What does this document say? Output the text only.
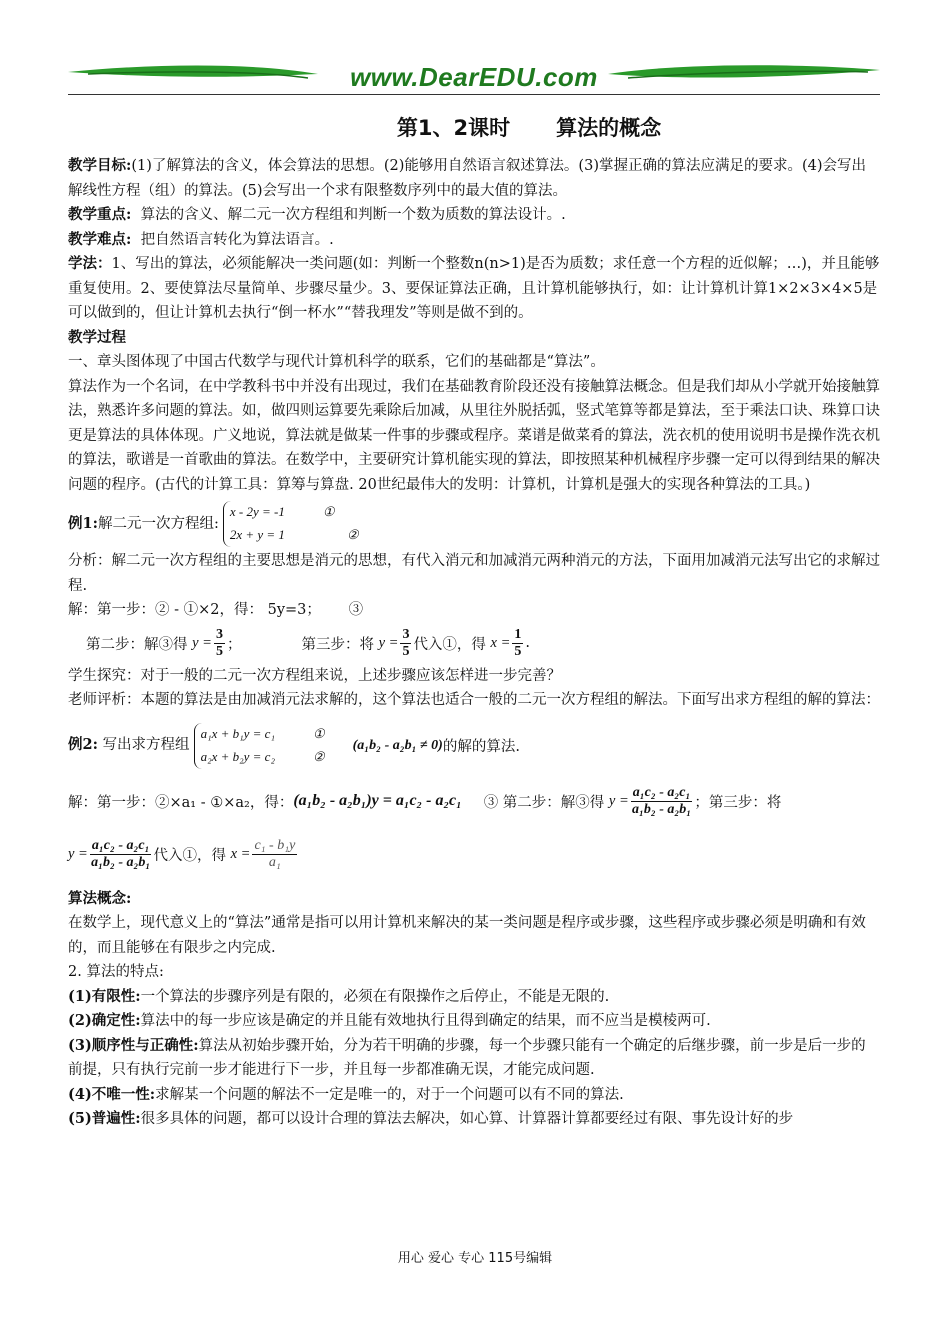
www.DearEDU.com
第1、2课时 算法的概念

教学目标:(1)了解算法的含义，体会算法的思想。(2)能够用自然语言叙述算法。(3)掌握正确的算法应满足的要求。(4)会写出解线性方程（组）的算法。(5)会写出一个求有限整数序列中的最大值的算法。

教学重点: 算法的含义、解二元一次方程组和判断一个数为质数的算法设计。.

教学难点: 把自然语言转化为算法语言。.

学法：1、写出的算法，必须能解决一类问题(如：判断一个整数n(n>1)是否为质数；求任意一个方程的近似解；…)，并且能够重复使用。2、要使算法尽量简单、步骤尽量少。3、要保证算法正确，且计算机能够执行，如：让计算机计算1×2×3×4×5是可以做到的，但让计算机去执行“倒一杯水”“替我理发”等则是做不到的。

教学过程

一、章头图体现了中国古代数学与现代计算机科学的联系，它们的基础都是“算法”。

算法作为一个名词，在中学教科书中并没有出现过，我们在基础教育阶段还没有接触算法概念。但是我们却从小学就开始接触算法，熟悉许多问题的算法。如，做四则运算要先乘除后加减，从里往外脱括弧，竖式笔算等都是算法，至于乘法口诀、珠算口诀更是算法的具体体现。广义地说，算法就是做某一件事的步骤或程序。菜谱是做菜肴的算法，洗衣机的使用说明书是操作洗衣机的算法，歌谱是一首歌曲的算法。在数学中，主要研究计算机能实现的算法，即按照某种机械程序步骤一定可以得到结果的解决问题的程序。(古代的计算工具：算筹与算盘. 20世纪最伟大的发明：计算机，计算机是强大的实现各种算法的工具。)

例1:解二元一次方程组:

x - 2y = -1	①
2x + y = 1	②

分析：解二元一次方程组的主要思想是消元的思想，有代入消元和加减消元两种消元的方法，下面用加减消元法写出它的求解过程.

解：第一步：② - ①×2，得： 5y=3； ③

第二步：解③得
$y = \frac{3}{5}$ ；	第三步：将
$y = \frac{3}{5}$ 代入①，得
$x = \frac{1}{5}$ .

学生探究：对于一般的二元一次方程组来说，上述步骤应该怎样进一步完善？

老师评析：本题的算法是由加减消元法求解的，这个算法也适合一般的二元一次方程组的解法。下面写出求方程组的解的算法：

例2: 写出求方程组

a₁x + b₁y = c₁	①
a₂x + b₂y = c₂	②
(a₁b₂ - a₂b₁ ≠ 0) 的解的算法.
解：第一步：②×a₁ - ①×a₂，得： (a₁b₂ - a₂b₁)y = a₁c₂ - a₂c₁ ③ 第二步：解③得
$y = \frac{\text{a₁c₂ - a₂c₁}}{\text{a₁b₂ - a₂b₁}}$ ；第三步：将
$y = \frac{\text{a₁c₂ - a₂c₁}}{\text{a₁b₂ - a₂b₁}}$ 代入①，得
$x = \frac{\text{c₁ - b₁y}}{\text{a₁}}$

算法概念:

在数学上，现代意义上的“算法”通常是指可以用计算机来解决的某一类问题是程序或步骤，这些程序或步骤必须是明确和有效的，而且能够在有限步之内完成.

2. 算法的特点:

(1)有限性:一个算法的步骤序列是有限的，必须在有限操作之后停止，不能是无限的.

(2)确定性:算法中的每一步应该是确定的并且能有效地执行且得到确定的结果，而不应当是模棱两可.

(3)顺序性与正确性:算法从初始步骤开始，分为若干明确的步骤，每一个步骤只能有一个确定的后继步骤，前一步是后一步的前提，只有执行完前一步才能进行下一步，并且每一步都准确无误，才能完成问题.

(4)不唯一性:求解某一个问题的解法不一定是唯一的，对于一个问题可以有不同的算法.

(5)普遍性:很多具体的问题，都可以设计合理的算法去解决，如心算、计算器计算都要经过有限、事先设计好的步

用心 爱心 专心 115号编辑
